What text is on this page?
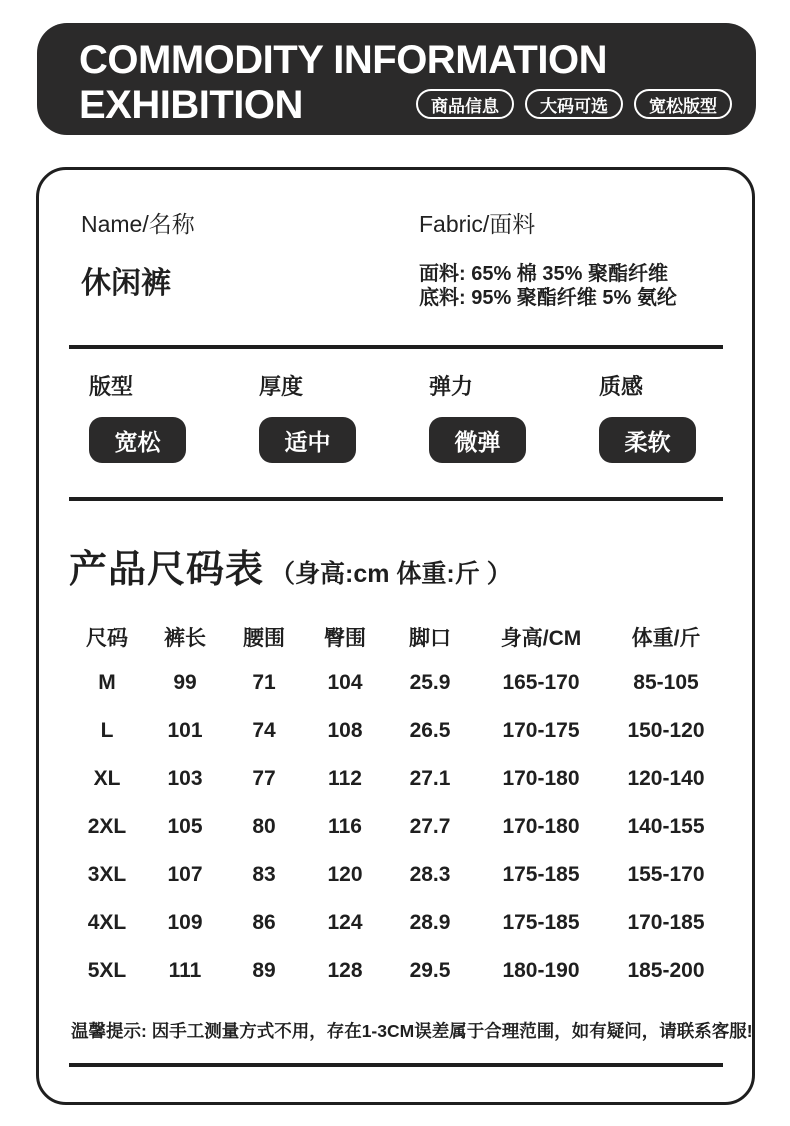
COMMODITY INFORMATION
EXHIBITION	商品信息	大码可选	宽松版型
Name/名称	Fabric/面料
休闲裤	面料: 65% 棉 35% 聚酯纤维
底料: 95% 聚酯纤维 5% 氨纶
版型
宽松
厚度
适中
弹力
微弹
质感
柔软
产品尺码表 （身高:cm 体重:斤 ）
尺码	裤长	腰围	臀围	脚口	身高/CM	体重/斤
M	99	71	104	25.9	165-170	85-105
L	101	74	108	26.5	170-175	150-120
XL	103	77	112	27.1	170-180	120-140
2XL	105	80	116	27.7	170-180	140-155
3XL	107	83	120	28.3	175-185	155-170
4XL	109	86	124	28.9	175-185	170-185
5XL	111	89	128	29.5	180-190	185-200
温馨提示: 因手工测量方式不用，存在1-3CM误差属于合理范围，如有疑问，请联系客服!
